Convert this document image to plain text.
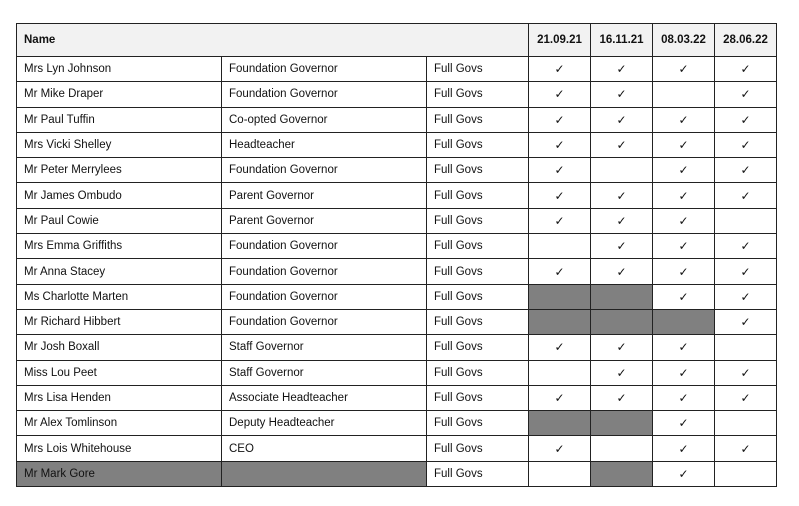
Name			21.09.21	16.11.21	08.03.22	28.06.22
Mrs Lyn Johnson	Foundation Governor	Full Govs	✓	✓	✓	✓
Mr Mike Draper	Foundation Governor	Full Govs	✓	✓		✓
Mr Paul Tuffin	Co-opted Governor	Full Govs	✓	✓	✓	✓
Mrs Vicki Shelley	Headteacher	Full Govs	✓	✓	✓	✓
Mr Peter Merrylees	Foundation Governor	Full Govs	✓		✓	✓
Mr James Ombudo	Parent Governor	Full Govs	✓	✓	✓	✓
Mr Paul Cowie	Parent Governor	Full Govs	✓	✓	✓	
Mrs Emma Griffiths	Foundation Governor	Full Govs		✓	✓	✓
Mr Anna Stacey	Foundation Governor	Full Govs	✓	✓	✓	✓
Ms Charlotte Marten	Foundation Governor	Full Govs			✓	✓
Mr Richard Hibbert	Foundation Governor	Full Govs				✓
Mr Josh Boxall	Staff Governor	Full Govs	✓	✓	✓	
Miss Lou Peet	Staff Governor	Full Govs		✓	✓	✓
Mrs Lisa Henden	Associate Headteacher	Full Govs	✓	✓	✓	✓
Mr Alex Tomlinson	Deputy Headteacher	Full Govs			✓	
Mrs Lois Whitehouse	CEO	Full Govs	✓		✓	✓
Mr Mark Gore		Full Govs			✓	
